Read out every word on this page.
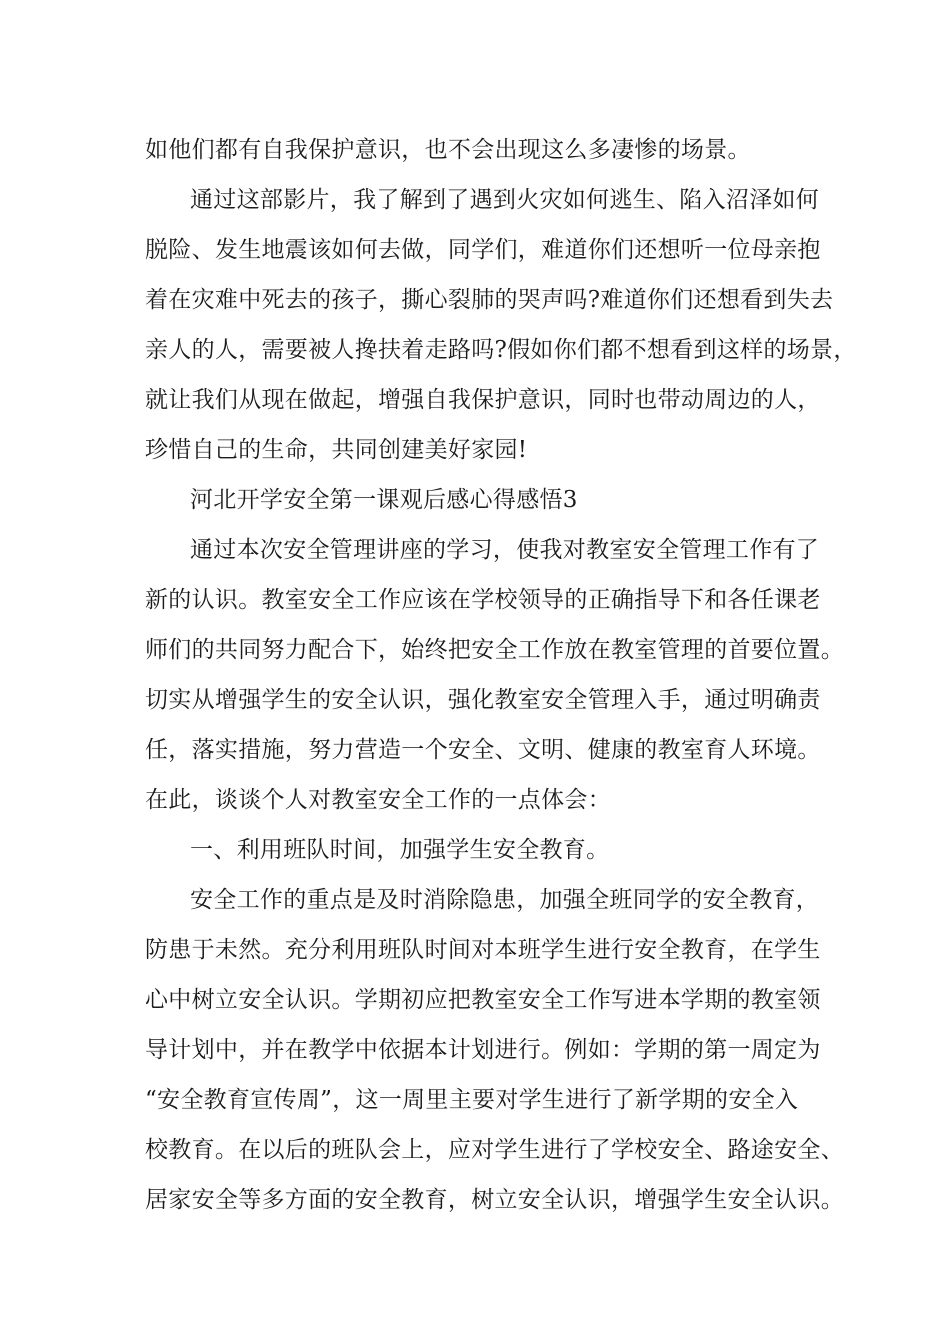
如他们都有自我保护意识，也不会出现这么多凄惨的场景。
通过这部影片，我了解到了遇到火灾如何逃生、陷入沼泽如何
脱险、发生地震该如何去做，同学们，难道你们还想听一位母亲抱
着在灾难中死去的孩子，撕心裂肺的哭声吗?难道你们还想看到失去
亲人的人，需要被人搀扶着走路吗?假如你们都不想看到这样的场景，
就让我们从现在做起，增强自我保护意识，同时也带动周边的人，
珍惜自己的生命，共同创建美好家园!
河北开学安全第一课观后感心得感悟3
通过本次安全管理讲座的学习，使我对教室安全管理工作有了
新的认识。教室安全工作应该在学校领导的正确指导下和各任课老
师们的共同努力配合下，始终把安全工作放在教室管理的首要位置。
切实从增强学生的安全认识，强化教室安全管理入手，通过明确责
任，落实措施，努力营造一个安全、文明、健康的教室育人环境。
在此，谈谈个人对教室安全工作的一点体会：
一、利用班队时间，加强学生安全教育。
安全工作的重点是及时消除隐患，加强全班同学的安全教育，
防患于未然。充分利用班队时间对本班学生进行安全教育，在学生
心中树立安全认识。学期初应把教室安全工作写进本学期的教室领
导计划中，并在教学中依据本计划进行。例如：学期的第一周定为
“安全教育宣传周”，这一周里主要对学生进行了新学期的安全入
校教育。在以后的班队会上，应对学生进行了学校安全、路途安全、
居家安全等多方面的安全教育，树立安全认识，增强学生安全认识。
